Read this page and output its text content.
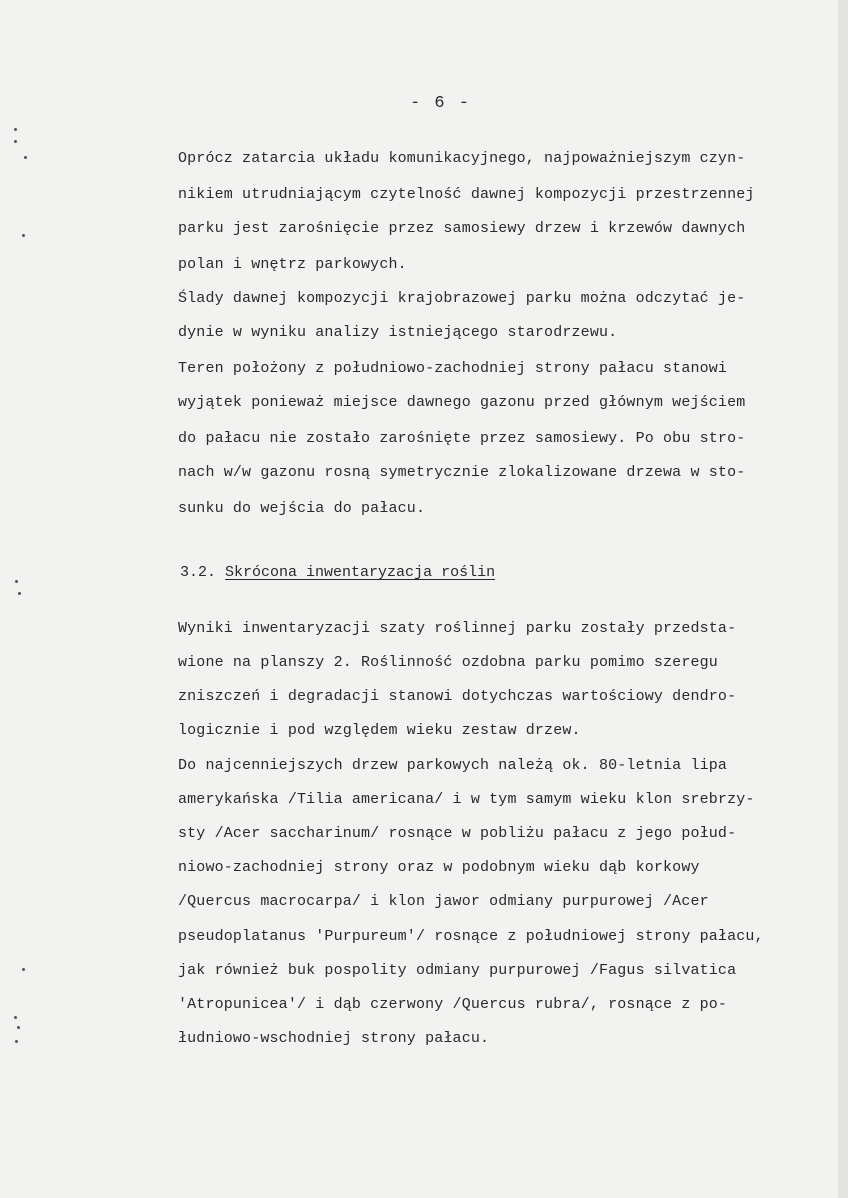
- 6 -
Oprócz zatarcia układu komunikacyjnego, najpoważniejszym czyn-
nikiem utrudniającym czytelność dawnej kompozycji przestrzennej
parku jest zarośnięcie przez samosiewy drzew i krzewów dawnych
polan i wnętrz parkowych.
Ślady dawnej kompozycji krajobrazowej parku można odczytać je-
dynie w wyniku analizy istniejącego starodrzewu.
Teren położony z południowo-zachodniej strony pałacu stanowi
wyjątek ponieważ miejsce dawnego gazonu przed głównym wejściem
do pałacu nie zostało zarośnięte przez samosiewy. Po obu stro-
nach w/w gazonu rosną symetrycznie zlokalizowane drzewa w sto-
sunku do wejścia do pałacu.
3.2. Skrócona inwentaryzacja roślin
Wyniki inwentaryzacji szaty roślinnej parku zostały przedsta-
wione na planszy 2. Roślinność ozdobna parku pomimo szeregu
zniszczeń i degradacji stanowi dotychczas wartościowy dendro-
logicznie i pod względem wieku zestaw drzew.
Do najcenniejszych drzew parkowych należą ok. 80-letnia lipa
amerykańska /Tilia americana/ i w tym samym wieku klon srebrzy-
sty /Acer saccharinum/ rosnące w pobliżu pałacu z jego połud-
niowo-zachodniej strony oraz w podobnym wieku dąb korkowy
/Quercus macrocarpa/ i klon jawor odmiany purpurowej /Acer
pseudoplatanus 'Purpureum'/ rosnące z południowej strony pałacu,
jak również buk pospolity odmiany purpurowej /Fagus silvatica
'Atropunicea'/ i dąb czerwony /Quercus rubra/, rosnące z po-
łudniowo-wschodniej strony pałacu.
